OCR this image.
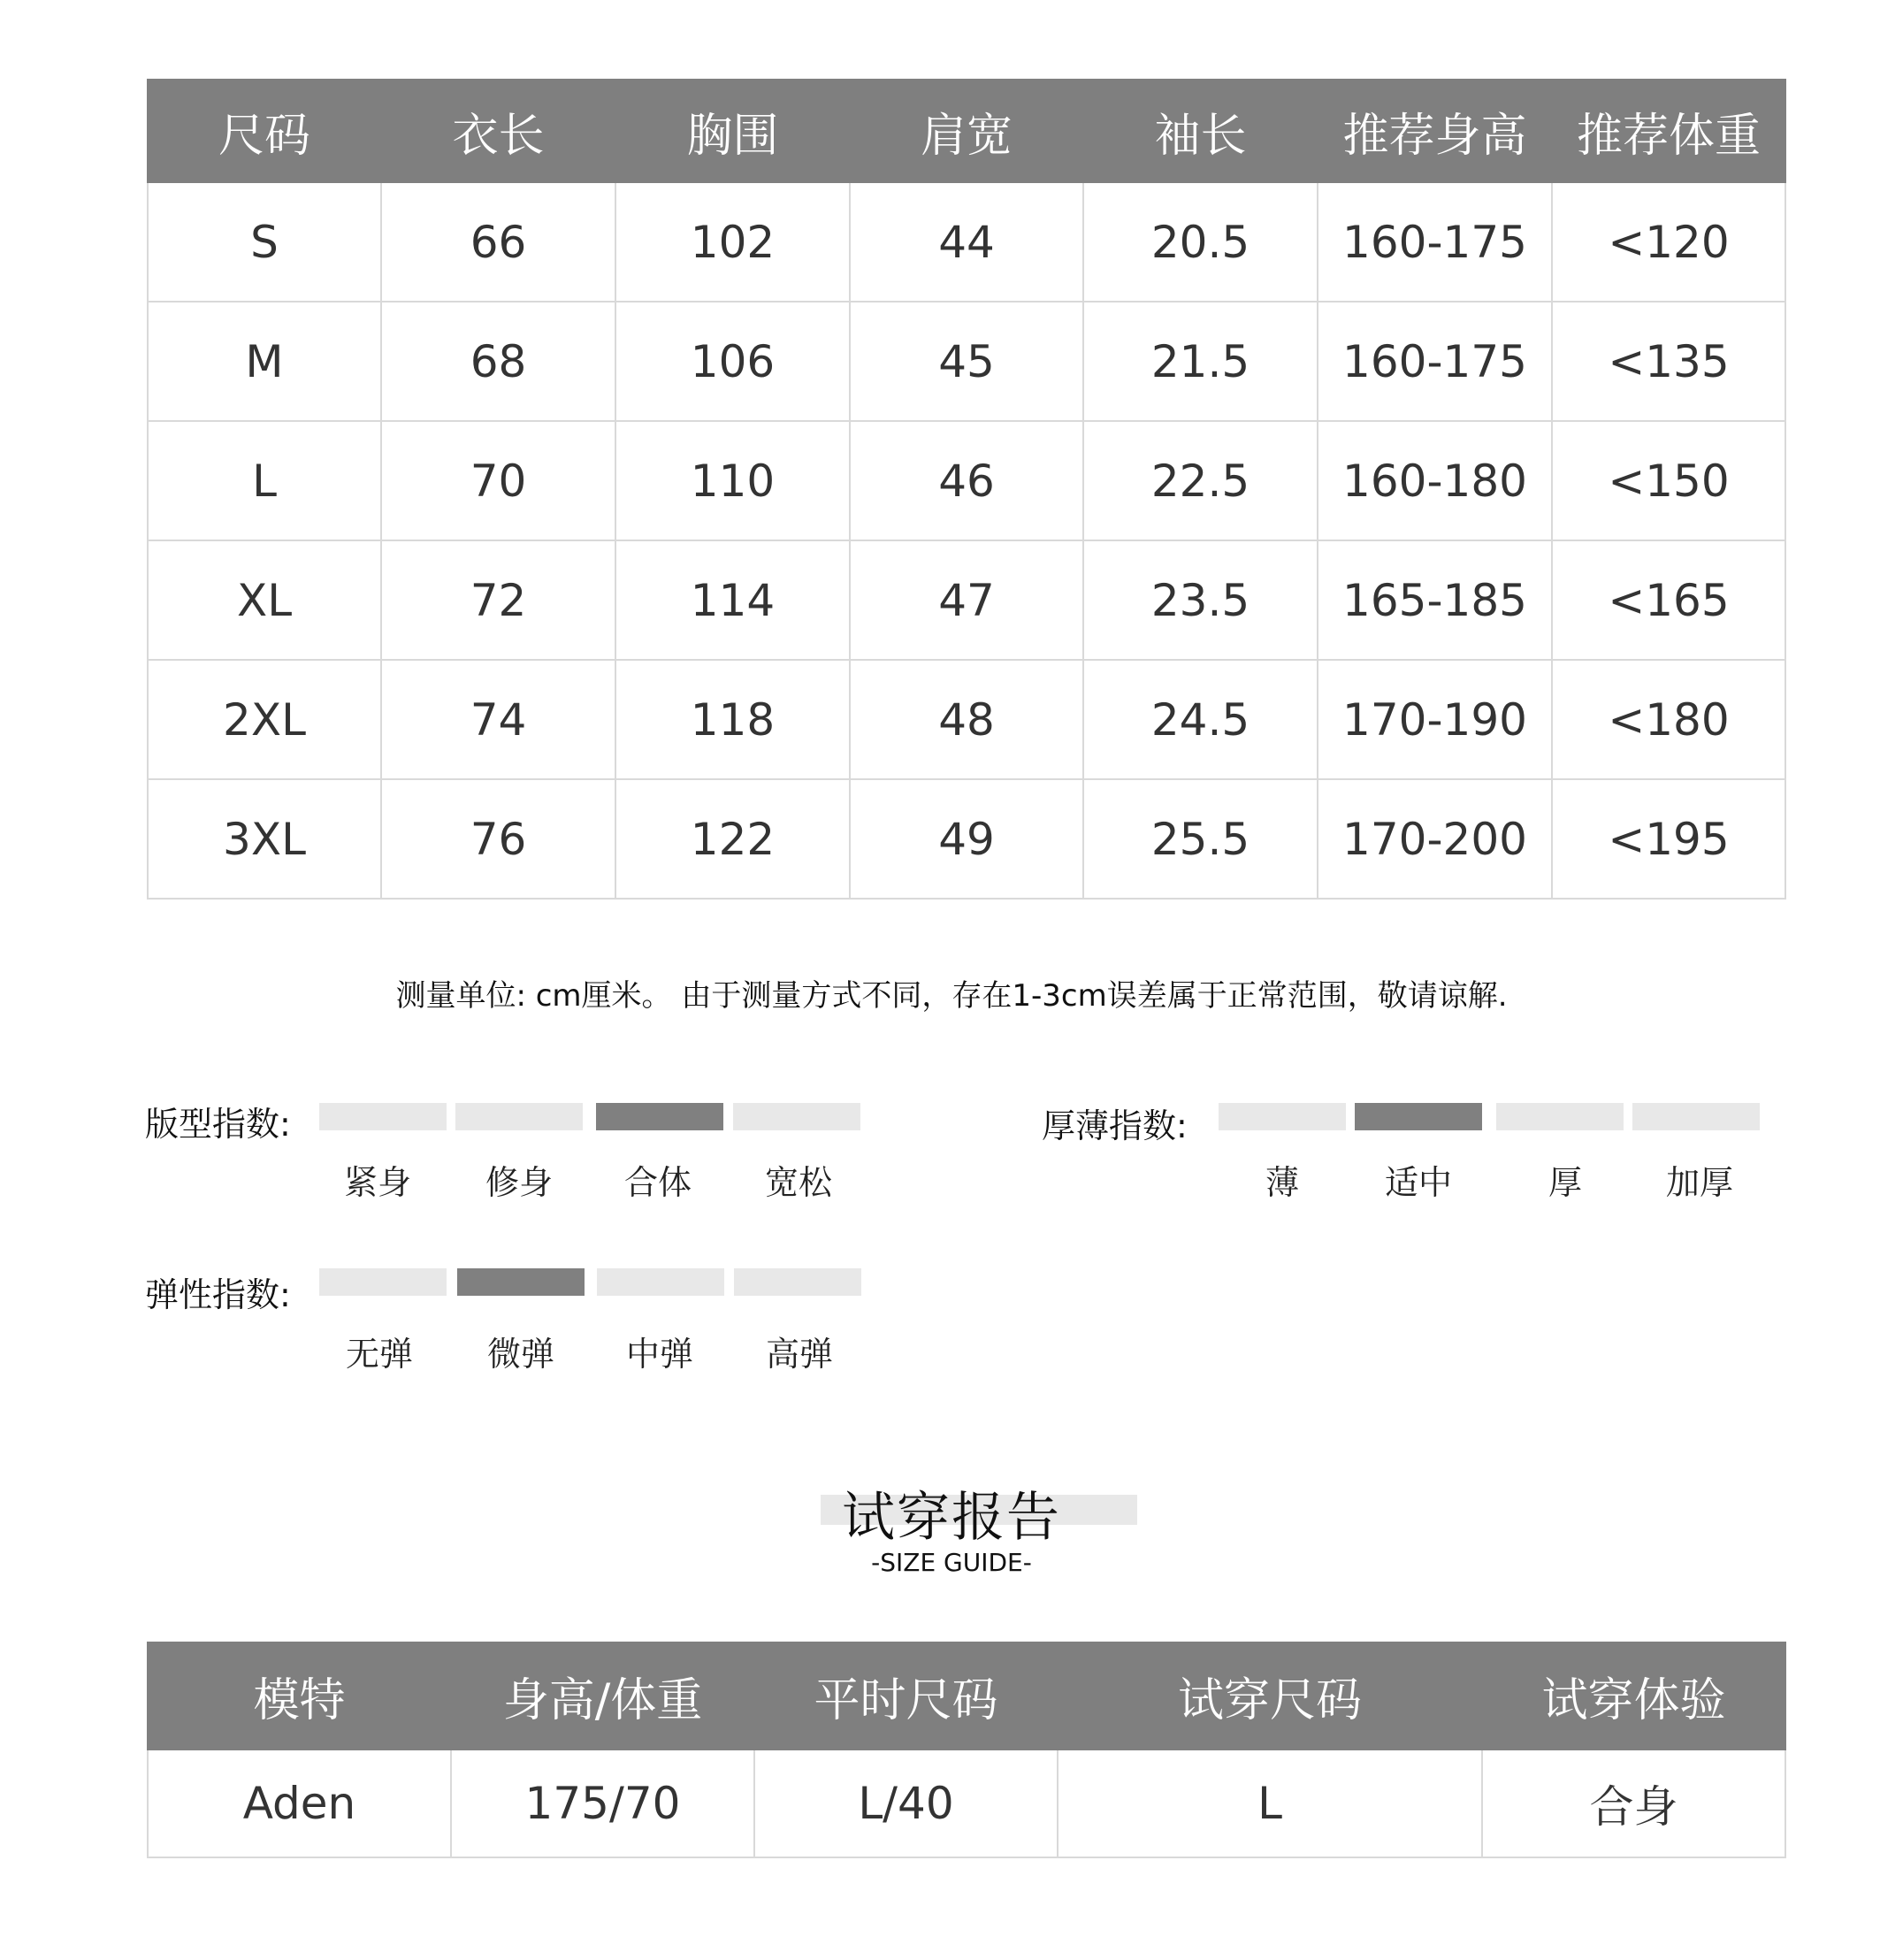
尺码	衣长	胸围	肩宽	袖长	推荐身高	推荐体重
S	66	102	44	20.5	160-175	<120
M	68	106	45	21.5	160-175	<135
L	70	110	46	22.5	160-180	<150
XL	72	114	47	23.5	165-185	<165
2XL	74	118	48	24.5	170-190	<180
3XL	76	122	49	25.5	170-200	<195
测量单位: cm厘米。 由于测量方式不同，存在1-3cm误差属于正常范围，敬请谅解.
版型指数:
紧身	修身	合体	宽松
厚薄指数:
薄	适中	厚	加厚
弹性指数:
无弹	微弹	中弹	高弹
试穿报告
-SIZE GUIDE-
模特	身高/体重	平时尺码	试穿尺码	试穿体验
Aden	175/70	L/40	L	合身
